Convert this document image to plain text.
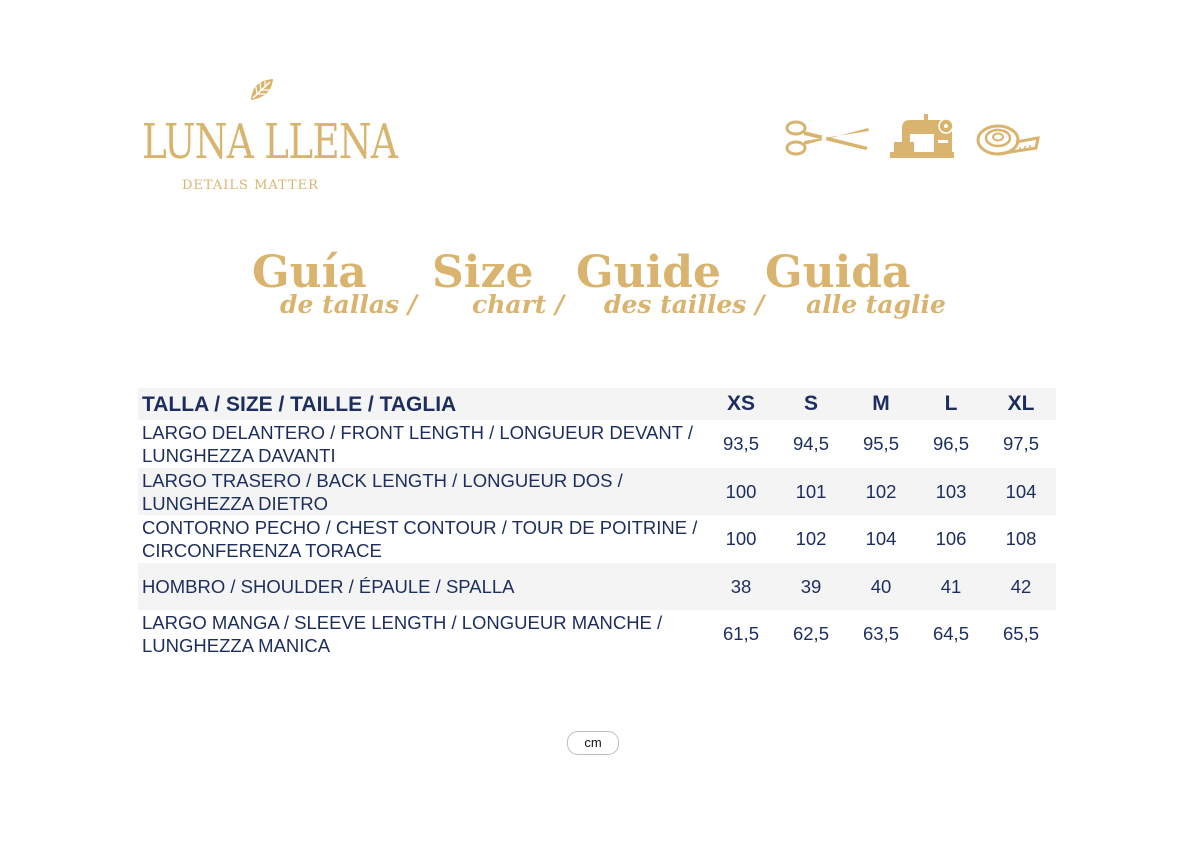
LUNA LLENA
DETAILS MATTER
Guía
de tallas /
Size
chart /
Guide
des tailles /
Guida
alle taglie
TALLA / SIZE / TAILLE / TAGLIA	XS	S	M	L	XL
LARGO DELANTERO / FRONT LENGTH / LONGUEUR DEVANT /
LUNGHEZZA DAVANTI	93,5	94,5	95,5	96,5	97,5
LARGO TRASERO / BACK LENGTH / LONGUEUR DOS /
LUNGHEZZA DIETRO	100	101	102	103	104
CONTORNO PECHO / CHEST CONTOUR / TOUR DE POITRINE /
CIRCONFERENZA TORACE	100	102	104	106	108
HOMBRO / SHOULDER / ÉPAULE / SPALLA	38	39	40	41	42
LARGO MANGA / SLEEVE LENGTH / LONGUEUR MANCHE /
LUNGHEZZA MANICA	61,5	62,5	63,5	64,5	65,5
cm
